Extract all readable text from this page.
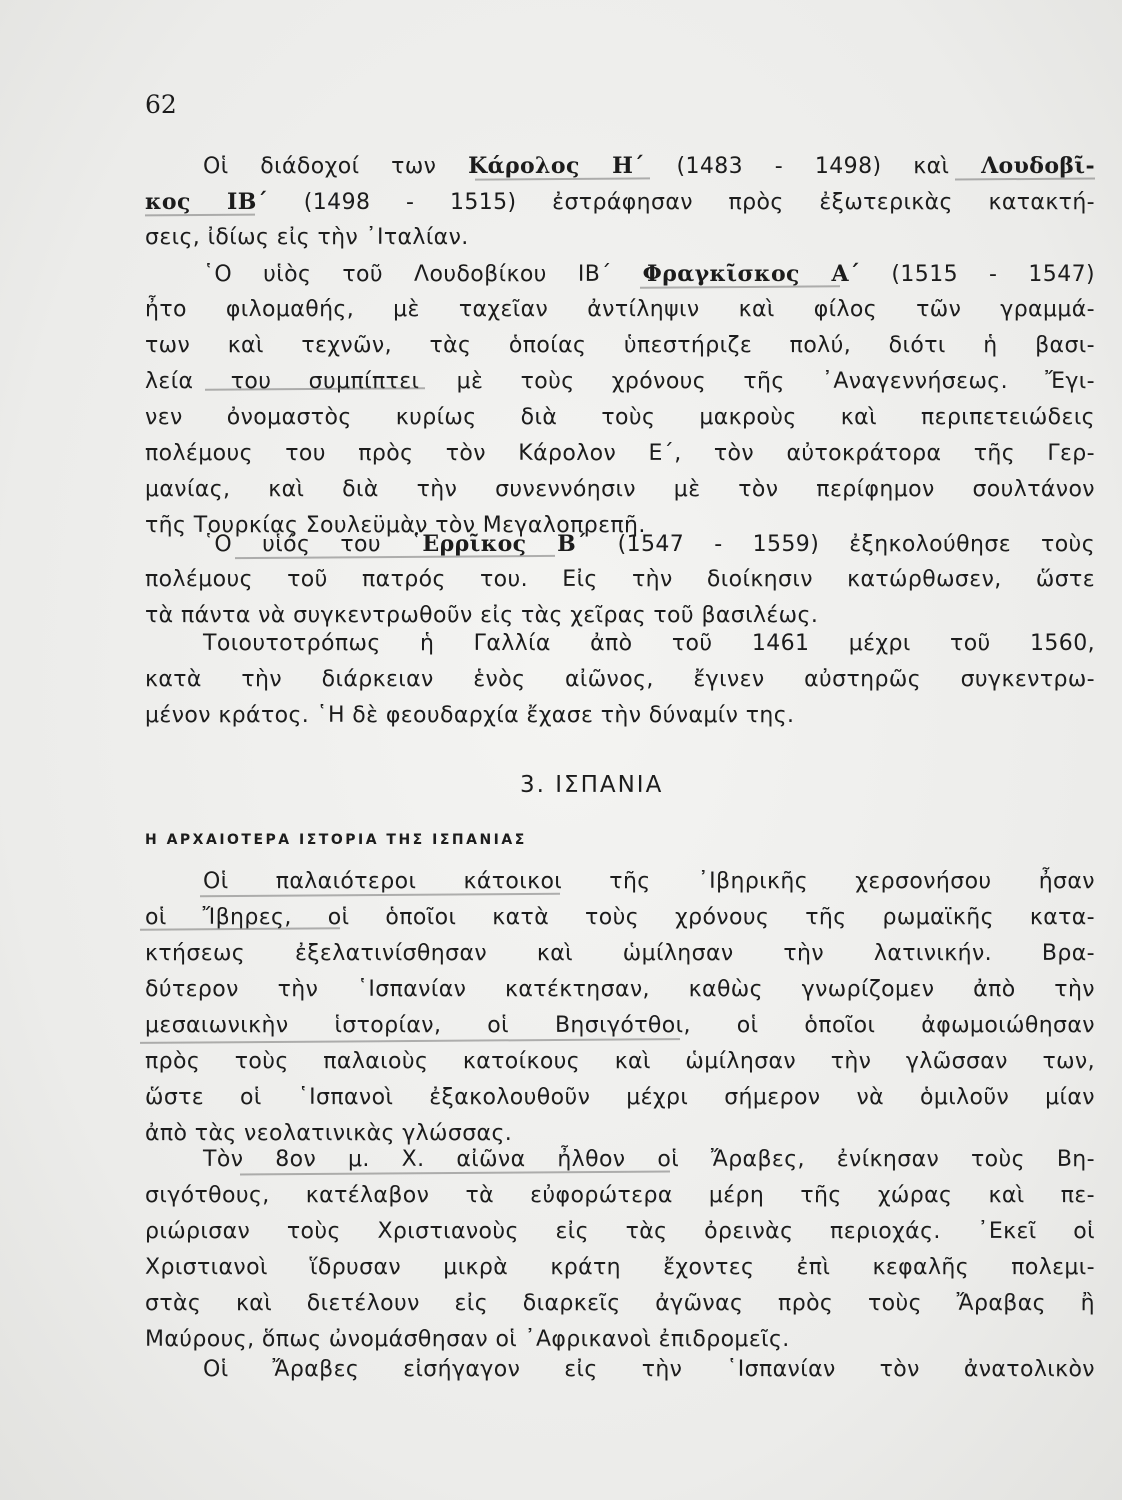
62
Οἱ διάδοχοί των Κάρολος Η΄ (1483 - 1498) καὶ Λουδοβῖ-
κος ΙΒ΄ (1498 - 1515) ἐστράφησαν πρὸς ἐξωτερικὰς κατακτή-
σεις, ἰδίως εἰς τὴν ᾿Ιταλίαν.
῾Ο υἱὸς τοῦ Λουδοβίκου ΙΒ΄ Φραγκῖσκος Α΄ (1515 - 1547)
ἦτο φιλομαθής, μὲ ταχεῖαν ἀντίληψιν καὶ φίλος τῶν γραμμά-
των καὶ τεχνῶν, τὰς ὁποίας ὑπεστήριζε πολύ, διότι ἡ βασι-
λεία του συμπίπτει μὲ τοὺς χρόνους τῆς ᾿Αναγεννήσεως. Ἔγι-
νεν ὀνομαστὸς κυρίως διὰ τοὺς μακροὺς καὶ περιπετειώδεις
πολέμους του πρὸς τὸν Κάρολον Ε΄, τὸν αὐτοκράτορα τῆς Γερ-
μανίας, καὶ διὰ τὴν συνεννόησιν μὲ τὸν περίφημον σουλτάνον
τῆς Τουρκίας Σουλεϋμὰν τὸν Μεγαλοπρεπῆ.
῾Ο υἱός του ῾Ερρῖκος Β΄ (1547 - 1559) ἐξηκολούθησε τοὺς
πολέμους τοῦ πατρός του. Εἰς τὴν διοίκησιν κατώρθωσεν, ὥστε
τὰ πάντα νὰ συγκεντρωθοῦν εἰς τὰς χεῖρας τοῦ βασιλέως.
Τοιουτοτρόπως ἡ Γαλλία ἀπὸ τοῦ 1461 μέχρι τοῦ 1560,
κατὰ τὴν διάρκειαν ἑνὸς αἰῶνος, ἔγινεν αὐστηρῶς συγκεντρω-
μένον κράτος. ῾Η δὲ φεουδαρχία ἔχασε τὴν δύναμίν της.
3. ΙΣΠΑΝΙΑ
Η ΑΡΧΑΙΟΤΕΡΑ ΙΣΤΟΡΙΑ ΤΗΣ ΙΣΠΑΝΙΑΣ
Οἱ παλαιότεροι κάτοικοι τῆς ᾿Ιβηρικῆς χερσονήσου ἦσαν
οἱ Ἴβηρες, οἱ ὁποῖοι κατὰ τοὺς χρόνους τῆς ρωμαϊκῆς κατα-
κτήσεως ἐξελατινίσθησαν καὶ ὡμίλησαν τὴν λατινικήν. Βρα-
δύτερον τὴν ῾Ισπανίαν κατέκτησαν, καθὼς γνωρίζομεν ἀπὸ τὴν
μεσαιωνικὴν ἱστορίαν, οἱ Βησιγότθοι, οἱ ὁποῖοι ἀφωμοιώθησαν
πρὸς τοὺς παλαιοὺς κατοίκους καὶ ὡμίλησαν τὴν γλῶσσαν των,
ὥστε οἱ ῾Ισπανοὶ ἐξακολουθοῦν μέχρι σήμερον νὰ ὁμιλοῦν μίαν
ἀπὸ τὰς νεολατινικὰς γλώσσας.
Τὸν 8ον μ. Χ. αἰῶνα ἦλθον οἱ Ἄραβες, ἐνίκησαν τοὺς Βη-
σιγότθους, κατέλαβον τὰ εὐφορώτερα μέρη τῆς χώρας καὶ πε-
ριώρισαν τοὺς Χριστιανοὺς εἰς τὰς ὀρεινὰς περιοχάς. ᾿Εκεῖ οἱ
Χριστιανοὶ ἵδρυσαν μικρὰ κράτη ἔχοντες ἐπὶ κεφαλῆς πολεμι-
στὰς καὶ διετέλουν εἰς διαρκεῖς ἀγῶνας πρὸς τοὺς Ἄραβας ἢ
Μαύρους, ὅπως ὠνομάσθησαν οἱ ᾿Αφρικανοὶ ἐπιδρομεῖς.
Οἱ Ἄραβες εἰσήγαγον εἰς τὴν ῾Ισπανίαν τὸν ἀνατολικὸν
